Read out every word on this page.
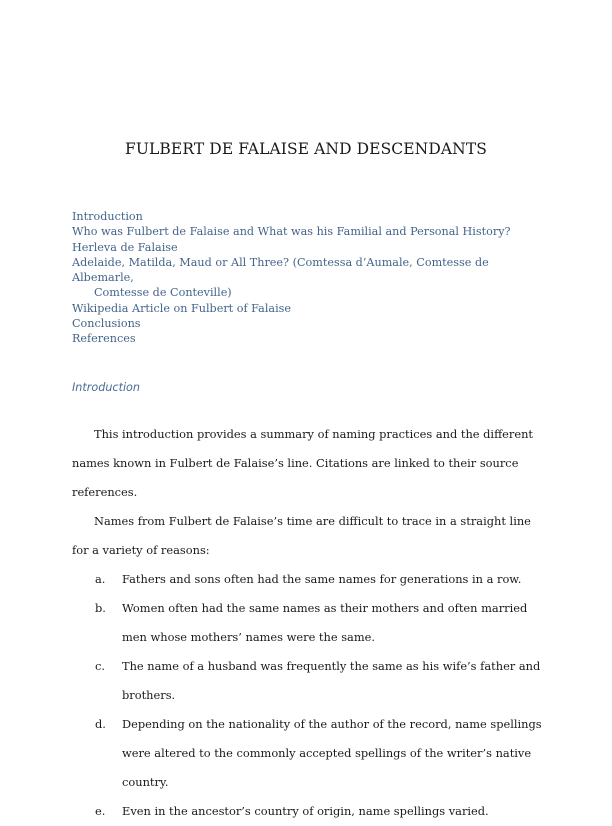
FULBERT DE FALAISE AND DESCENDANTS
Introduction
Who was Fulbert de Falaise and What was his Familial and Personal History?
Herleva de Falaise
Adelaide, Matilda, Maud or All Three? (Comtessa d’Aumale, Comtesse de Albemarle,
Comtesse de Conteville)
Wikipedia Article on Fulbert of Falaise
Conclusions
References
Introduction

This introduction provides a summary of naming practices and the different names known in Fulbert de Falaise’s line. Citations are linked to their source references.

Names from Fulbert de Falaise’s time are difficult to trace in a straight line for a variety of reasons:

a. Fathers and sons often had the same names for generations in a row.
b. Women often had the same names as their mothers and often married men whose mothers’ names were the same.
c. The name of a husband was frequently the same as his wife’s father and brothers.
d. Depending on the nationality of the author of the record, name spellings were altered to the commonly accepted spellings of the writer’s native country.
e. Even in the ancestor’s country of origin, name spellings varied.
